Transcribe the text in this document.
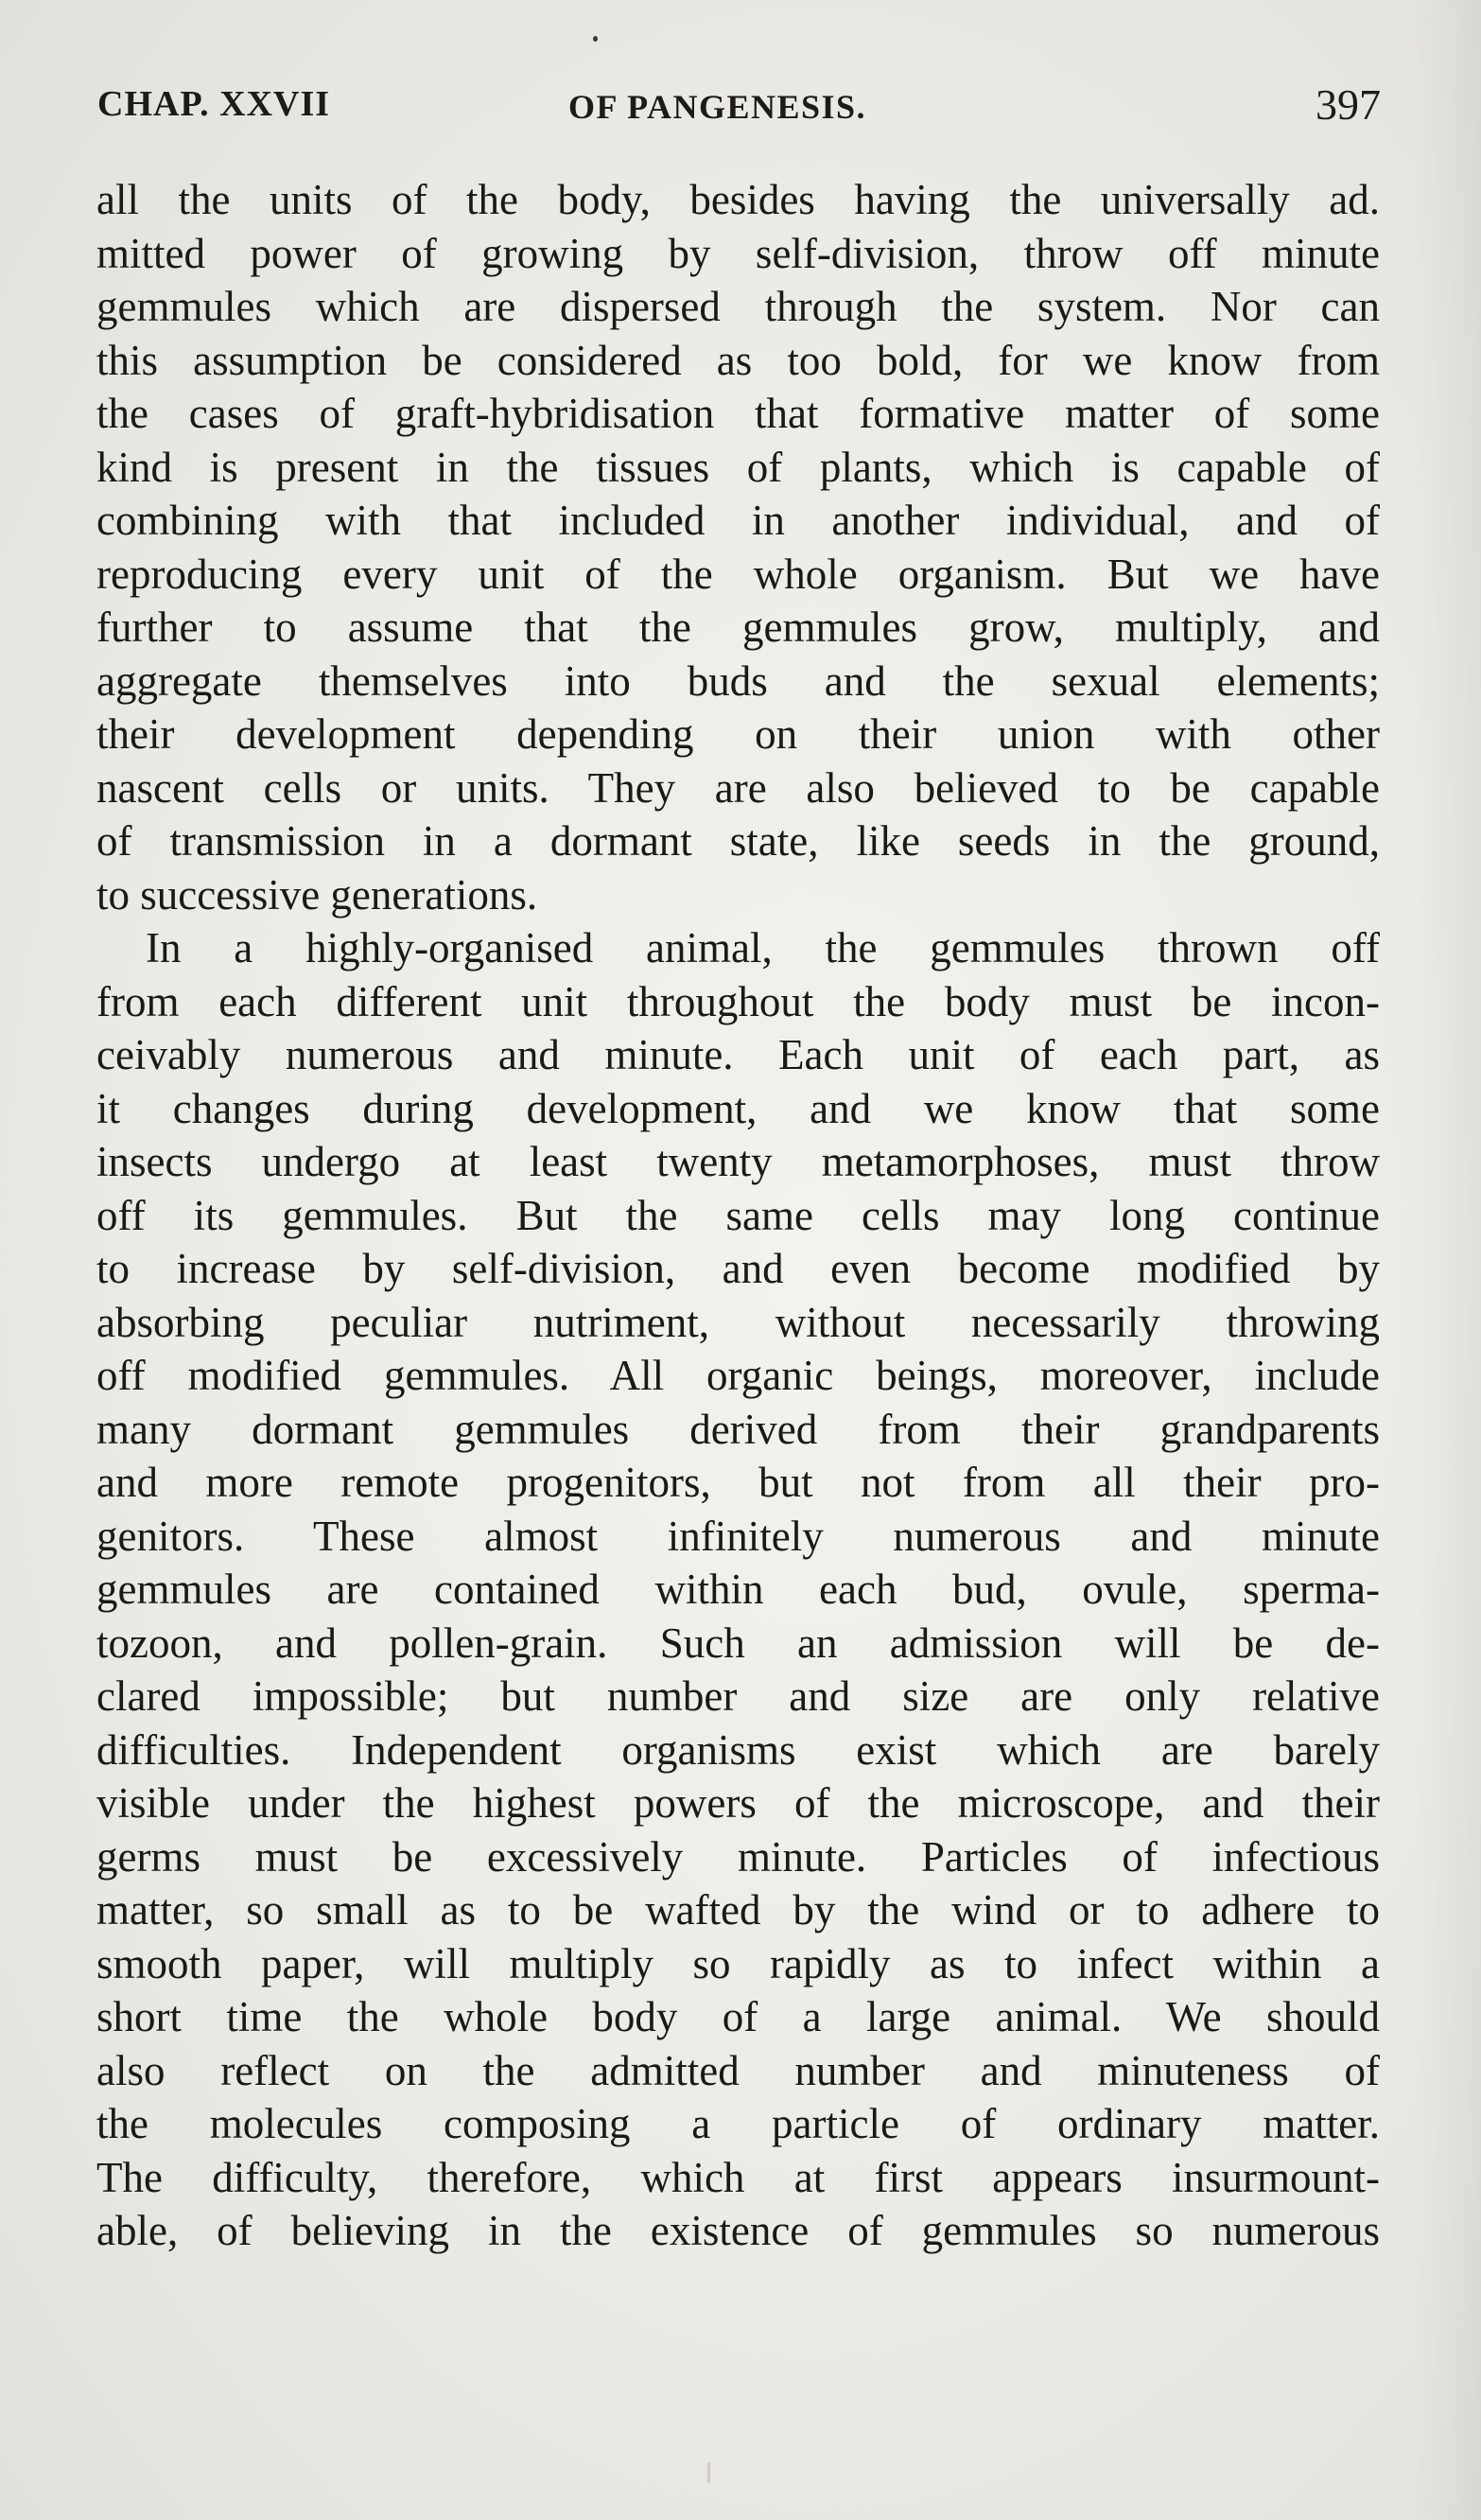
CHAP. XXVII	OF PANGENESIS.	397
all the units of the body, besides having the universally ad.
mitted power of growing by self-division, throw off minute
gemmules which are dispersed through the system. Nor can
this assumption be considered as too bold, for we know from
the cases of graft-hybridisation that formative matter of some
kind is present in the tissues of plants, which is capable of
combining with that included in another individual, and of
reproducing every unit of the whole organism. But we have
further to assume that the gemmules grow, multiply, and
aggregate themselves into buds and the sexual elements;
their development depending on their union with other
nascent cells or units. They are also believed to be capable
of transmission in a dormant state, like seeds in the ground,
to successive generations.
In a highly-organised animal, the gemmules thrown off
from each different unit throughout the body must be incon-
ceivably numerous and minute. Each unit of each part, as
it changes during development, and we know that some
insects undergo at least twenty metamorphoses, must throw
off its gemmules. But the same cells may long continue
to increase by self-division, and even become modified by
absorbing peculiar nutriment, without necessarily throwing
off modified gemmules. All organic beings, moreover, include
many dormant gemmules derived from their grandparents
and more remote progenitors, but not from all their pro-
genitors. These almost infinitely numerous and minute
gemmules are contained within each bud, ovule, sperma-
tozoon, and pollen-grain. Such an admission will be de-
clared impossible; but number and size are only relative
difficulties. Independent organisms exist which are barely
visible under the highest powers of the microscope, and their
germs must be excessively minute. Particles of infectious
matter, so small as to be wafted by the wind or to adhere to
smooth paper, will multiply so rapidly as to infect within a
short time the whole body of a large animal. We should
also reflect on the admitted number and minuteness of
the molecules composing a particle of ordinary matter.
The difficulty, therefore, which at first appears insurmount-
able, of believing in the existence of gemmules so numerous
